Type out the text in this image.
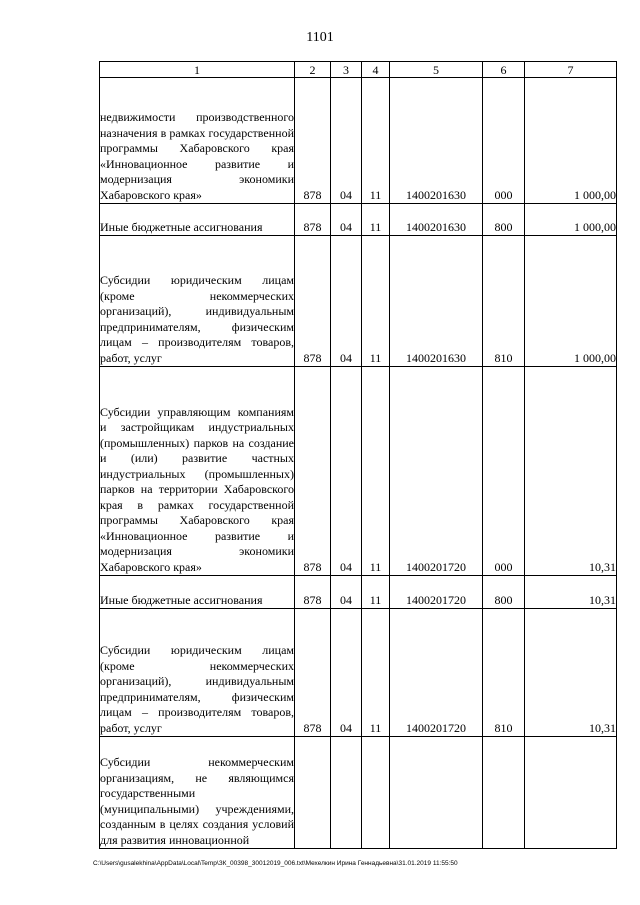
1101
1	2	3	4	5	6	7

недвижимости производственного назначения в рамках государственной программы Хабаровского края «Инновационное развитие и модернизация экономики Хабаровского края»	878	04	11	1400201630	000	1 000,00

Иные бюджетные ассигнования	878	04	11	1400201630	800	1 000,00

Субсидии юридическим лицам (кроме некоммерческих организаций), индивидуальным предпринимателям, физическим лицам – производителям товаров, работ, услуг	878	04	11	1400201630	810	1 000,00

Субсидии управляющим компаниям и застройщикам индустриальных (промышленных) парков на создание и (или) развитие частных индустриальных (промышленных) парков на территории Хабаровского края в рамках государственной программы Хабаровского края «Инновационное развитие и модернизация экономики Хабаровского края»	878	04	11	1400201720	000	10,31

Иные бюджетные ассигнования	878	04	11	1400201720	800	10,31

Субсидии юридическим лицам (кроме некоммерческих организаций), индивидуальным предпринимателям, физическим лицам – производителям товаров, работ, услуг	878	04	11	1400201720	810	10,31

Субсидии некоммерческим организациям, не являющимся государственными (муниципальными) учреждениями, созданным в целях создания условий для развития инновационной						

C:\Users\gusalekhina\AppData\Local\Temp\ЗК_00398_30012019_006.txt\Мехелкин Ирина Геннадьевна\31.01.2019 11:55:50
